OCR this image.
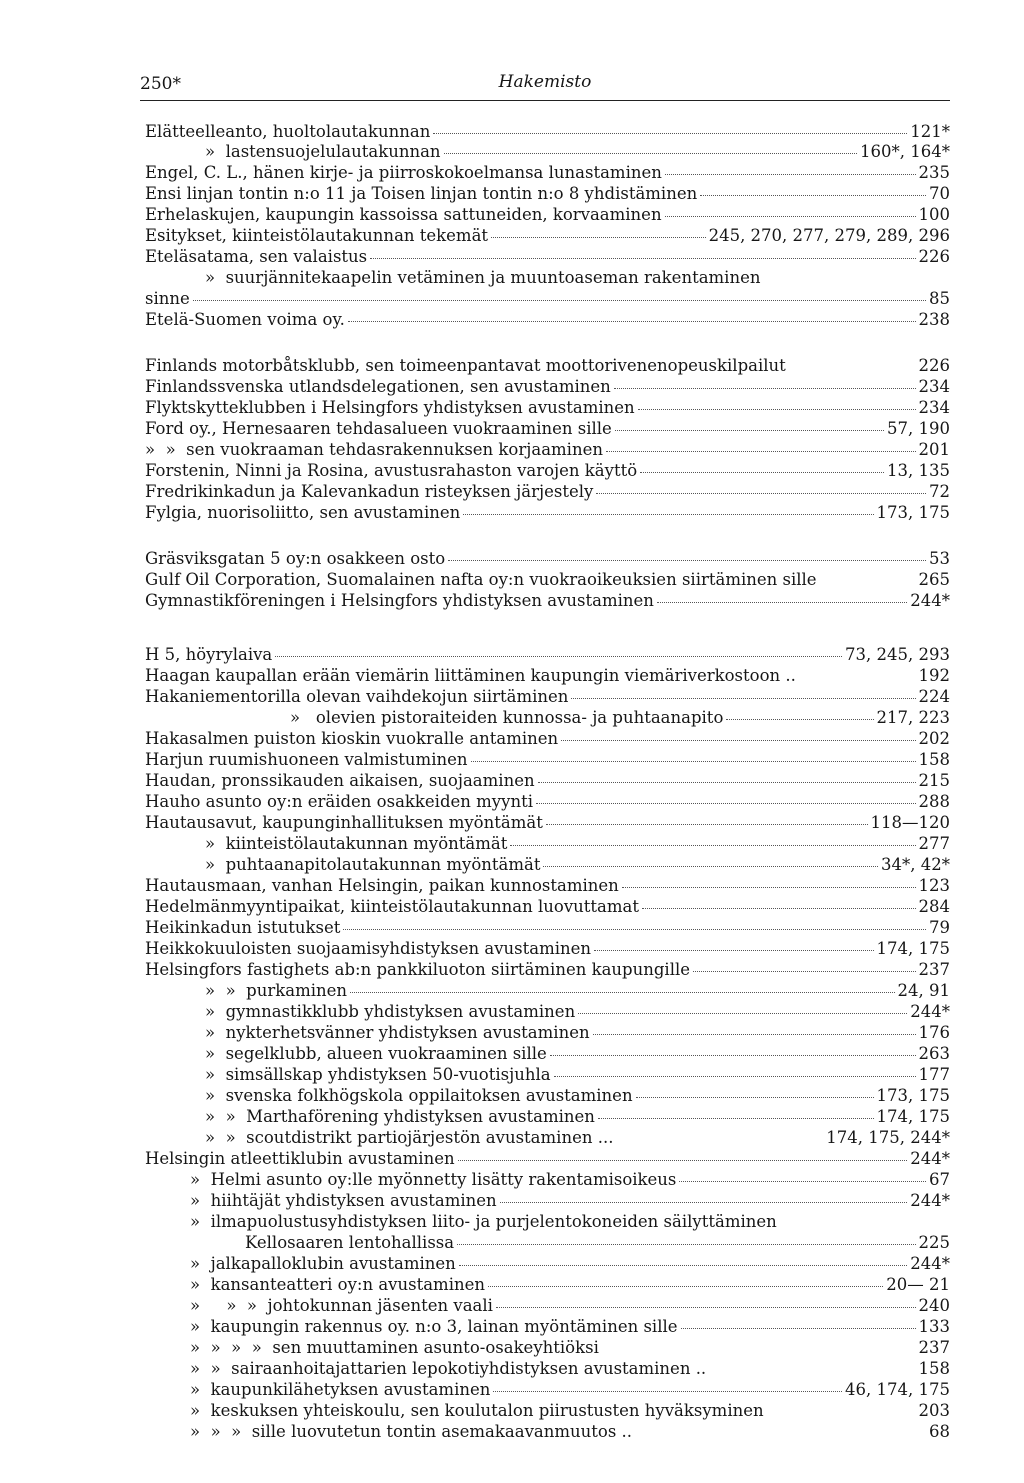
250*	Hakemisto
Elätteelleanto, huoltolautakunnan	121*
»  lastensuojelulautakunnan	160*, 164*
Engel, C. L., hänen kirje- ja piirroskokoelmansa lunastaminen	235
Ensi linjan tontin n:o 11 ja Toisen linjan tontin n:o 8 yhdistäminen	70
Erhelaskujen, kaupungin kassoissa sattuneiden, korvaaminen	100
Esitykset, kiinteistölautakunnan tekemät	245, 270, 277, 279, 289, 296
Eteläsatama, sen valaistus	226
»  suurjännitekaapelin vetäminen ja muuntoaseman rakentaminen
sinne	85
Etelä-Suomen voima oy.	238
Finlands motorbåtsklubb, sen toimeenpantavat moottorivenenopeuskilpailut	226
Finlandssvenska utlandsdelegationen, sen avustaminen	234
Flyktskytteklubben i Helsingfors yhdistyksen avustaminen	234
Ford oy., Hernesaaren tehdasalueen vuokraaminen sille	57, 190
»  »  sen vuokraaman tehdasrakennuksen korjaaminen	201
Forstenin, Ninni ja Rosina, avustusrahaston varojen käyttö	13, 135
Fredrikinkadun ja Kalevankadun risteyksen järjestely	72
Fylgia, nuorisoliitto, sen avustaminen	173, 175
Gräsviksgatan 5 oy:n osakkeen osto	53
Gulf Oil Corporation, Suomalainen nafta oy:n vuokraoikeuksien siirtäminen sille	265
Gymnastikföreningen i Helsingfors yhdistyksen avustaminen	244*
H 5, höyrylaiva	73, 245, 293
Haagan kaupallan erään viemärin liittäminen kaupungin viemäriverkostoon ..	192
Hakaniementorilla olevan vaihdekojun siirtäminen	224
»   olevien pistoraiteiden kunnossa- ja puhtaanapito	217, 223
Hakasalmen puiston kioskin vuokralle antaminen	202
Harjun ruumishuoneen valmistuminen	158
Haudan, pronssikauden aikaisen, suojaaminen	215
Hauho asunto oy:n eräiden osakkeiden myynti	288
Hautausavut, kaupunginhallituksen myöntämät	118—120
»  kiinteistölautakunnan myöntämät	277
»  puhtaanapitolautakunnan myöntämät	34*, 42*
Hautausmaan, vanhan Helsingin, paikan kunnostaminen	123
Hedelmänmyyntipaikat, kiinteistölautakunnan luovuttamat	284
Heikinkadun istutukset	79
Heikkokuuloisten suojaamisyhdistyksen avustaminen	174, 175
Helsingfors fastighets ab:n pankkiluoton siirtäminen kaupungille	237
»  »  purkaminen	24, 91
»  gymnastikklubb yhdistyksen avustaminen	244*
»  nykterhetsvänner yhdistyksen avustaminen	176
»  segelklubb, alueen vuokraaminen sille	263
»  simsällskap yhdistyksen 50-vuotisjuhla	177
»  svenska folkhögskola oppilaitoksen avustaminen	173, 175
»  »  Marthaförening yhdistyksen avustaminen	174, 175
»  »  scoutdistrikt partiojärjestön avustaminen ...	174, 175, 244*
Helsingin atleettiklubin avustaminen	244*
»  Helmi asunto oy:lle myönnetty lisätty rakentamisoikeus	67
»  hiihtäjät yhdistyksen avustaminen	244*
»  ilmapuolustusyhdistyksen liito- ja purjelentokoneiden säilyttäminen
Kellosaaren lentohallissa	225
»  jalkapalloklubin avustaminen	244*
»  kansanteatteri oy:n avustaminen	20— 21
»     »  »  johtokunnan jäsenten vaali	240
»  kaupungin rakennus oy. n:o 3, lainan myöntäminen sille	133
»  »  »  »  sen muuttaminen asunto-osakeyhtiöksi	237
»  »  sairaanhoitajattarien lepokotiyhdistyksen avustaminen ..	158
»  kaupunkilähetyksen avustaminen	46, 174, 175
»  keskuksen yhteiskoulu, sen koulutalon piirustusten hyväksyminen	203
»  »  »  sille luovutetun tontin asemakaavanmuutos ..	68
